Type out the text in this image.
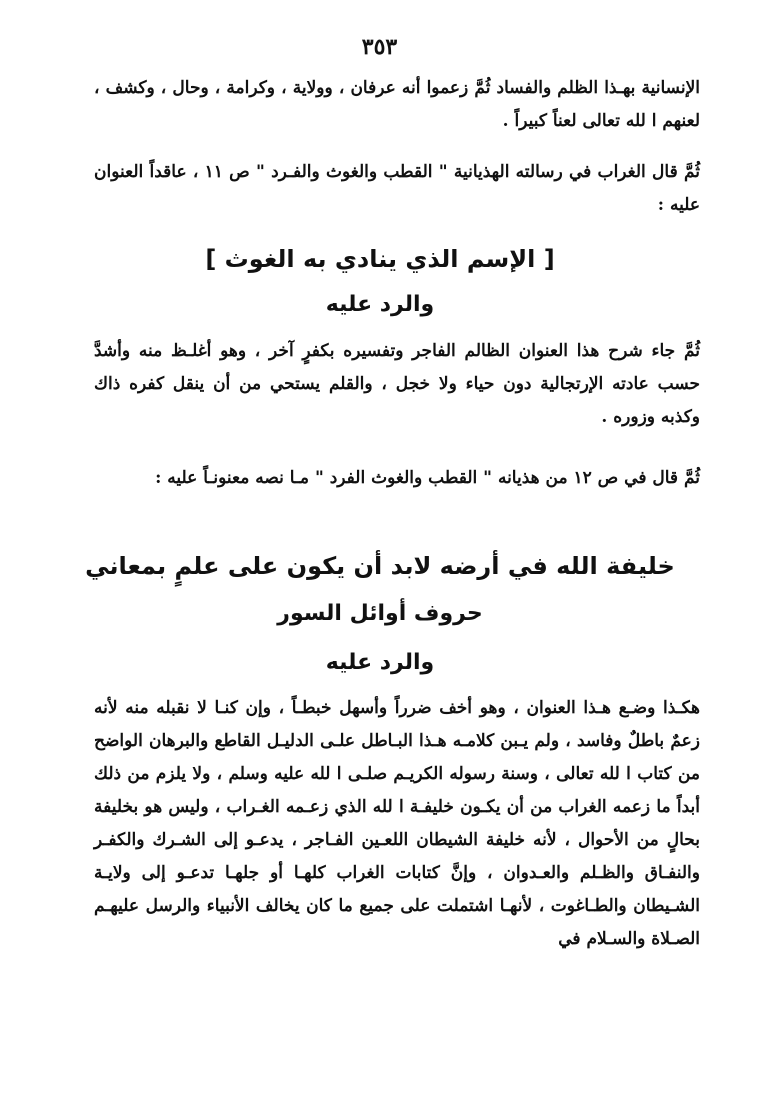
٣٥٣

الإنسانية بهـذا الظلم والفساد ثُمَّ زعموا أنه عرفان ، وولاية ، وكرامة ، وحال ، وكشف ، لعنهم ا لله تعالى لعناً كبيراً .

ثُمَّ قال الغراب في رسالته الهذيانية " القطب والغوث والفـرد " ص ١١ ، عاقداً العنوان عليه :

[ الإسم الذي ينادي به الغوث ]
والرد عليه

ثُمَّ جاء شرح هذا العنوان الظالم الفاجر وتفسيره بكفرٍ آخر ، وهو أغلـظ منه وأشدَّ حسب عادته الإرتجالية دون حياء ولا خجل ، والقلم يستحي من أن ينقل كفره ذاك وكذبه وزوره .

ثُمَّ قال في ص ١٢ من هذيانه " القطب والغوث الفرد " مـا نصه معنونـاً عليه :

خليفة الله في أرضه لابد أن يكون على علمٍ بمعاني
حروف أوائل السور
والرد عليه

هكـذا وضـع هـذا العنوان ، وهو أخف ضرراً وأسهل خبطـاً ، وإن كنـا لا نقبله منه لأنه زعمٌ باطلٌ وفاسد ، ولم يـبن كلامـه هـذا البـاطل علـى الدليـل القاطع والبرهان الواضح من كتاب ا لله تعالى ، وسنة رسوله الكريـم صلـى ا لله عليه وسلم ، ولا يلزم من ذلك أبداً ما زعمه الغراب من أن يكـون خليفـة ا لله الذي زعـمه الغـراب ، وليس هو بخليفة بحالٍ من الأحوال ، لأنه خليفة الشيطان اللعـين الفـاجر ، يدعـو إلى الشـرك والكفـر والنفـاق والظـلم والعـدوان ، وإنَّ كتابات الغراب كلهـا أو جلهـا تدعـو إلى ولايـة الشـيطان والطـاغوت ، لأنهـا اشتملت على جميع ما كان يخالف الأنبياء والرسل عليهـم الصـلاة والسـلام في
